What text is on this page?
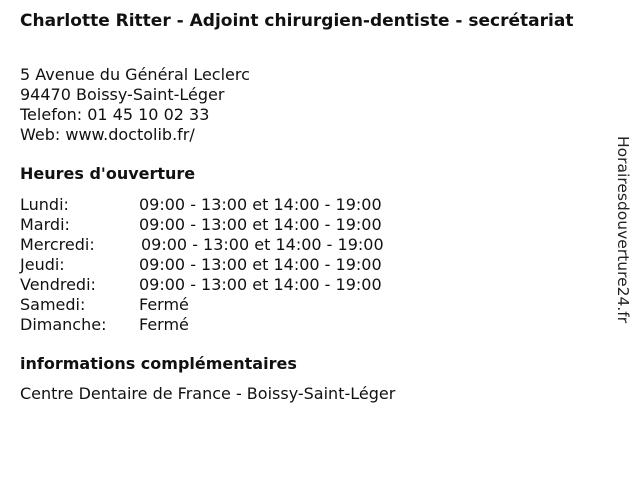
Charlotte Ritter - Adjoint chirurgien-dentiste - secrétariat
5 Avenue du Général Leclerc
94470 Boissy-Saint-Léger
Telefon: 01 45 10 02 33
Web: www.doctolib.fr/
Heures d'ouverture
Lundi:	09:00 - 13:00 et 14:00 - 19:00
Mardi:	09:00 - 13:00 et 14:00 - 19:00
Mercredi:	09:00 - 13:00 et 14:00 - 19:00
Jeudi:	09:00 - 13:00 et 14:00 - 19:00
Vendredi:	09:00 - 13:00 et 14:00 - 19:00
Samedi:	Fermé
Dimanche: Fermé
informations complémentaires
Centre Dentaire de France - Boissy-Saint-Léger
Horairesdouverture24.fr
